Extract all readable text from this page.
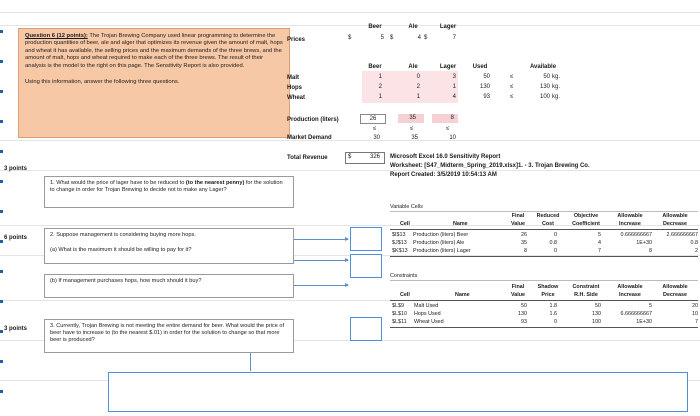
Question 6 (12 points): The Trojan Brewing Company used linear programming to determine the production quantities of beer, ale and alger that optimizes its revenue given the amount of malt, hops and wheat it has available, the selling prices and the maximum demands of the three brews, and the amount of malt, hops and wheat required to make each of the three brews. The result of their analysis is the model to the right on this page. The Sensitivity Report is also provided.
Using this information, answer the following three questions.
Beer	Ale	Lager
Prices	$	5 $	4 $	7
Beer	Ale	Lager	Used	Available
Malt	1	0	3	50	≤	50 kg.
Hops	2	2	1	130	≤	130 kg.
Wheat	1	1	4	93	≤	100 kg.
Production (liters)	26	35	8
≤	≤	≤
Market Demand	30	35	10
Total Revenue	$	326 Microsoft Excel 16.0 Sensitivity Report
Worksheet: [S47_Midterm_Spring_2019.xlsx]1. - 3. Trojan Brewing Co.
Report Created: 3/5/2019 10:54:13 AM
Variable Cells
Final	Reduced	Objective	Allowable	Allowable
Cell	Name	Value	Cost	Coefficient	Increase	Decrease
$I$13 Production (liters) Beer	26	0	5	0.666666667	2.666666667
$J$13 Production (liters) Ale	35	0.8	4	1E+30	0.8
$K$13 Production (liters) Lager	8	0	7	8	2
Constraints
Final	Shadow	Constraint	Allowable	Allowable
Cell	Name	Value	Price	R.H. Side	Increase	Decrease
$L$9 Malt Used	50	1.8	50	5	20
$L$10 Hops Used	130	1.6	130	6.666666667	10
$L$11 Wheat Used	93	0	100	1E+30	7
3 points
1. What would the price of lager have to be reduced to (to the nearest penny) for the solution to change in order for Trojan Brewing to decide not to make any Lager?
6 points	2. Suppose management is considering buying more hops.
(a) What is the maximum it should be willing to pay for it?
(b) If management purchases hops, how much should it buy?
3 points	3. Currently, Trojan Brewing is not meeting the entire demand for beer. What would the price of beer have to increase to (to the nearest $.01) in order for the solution to change so that more beer is produced?
